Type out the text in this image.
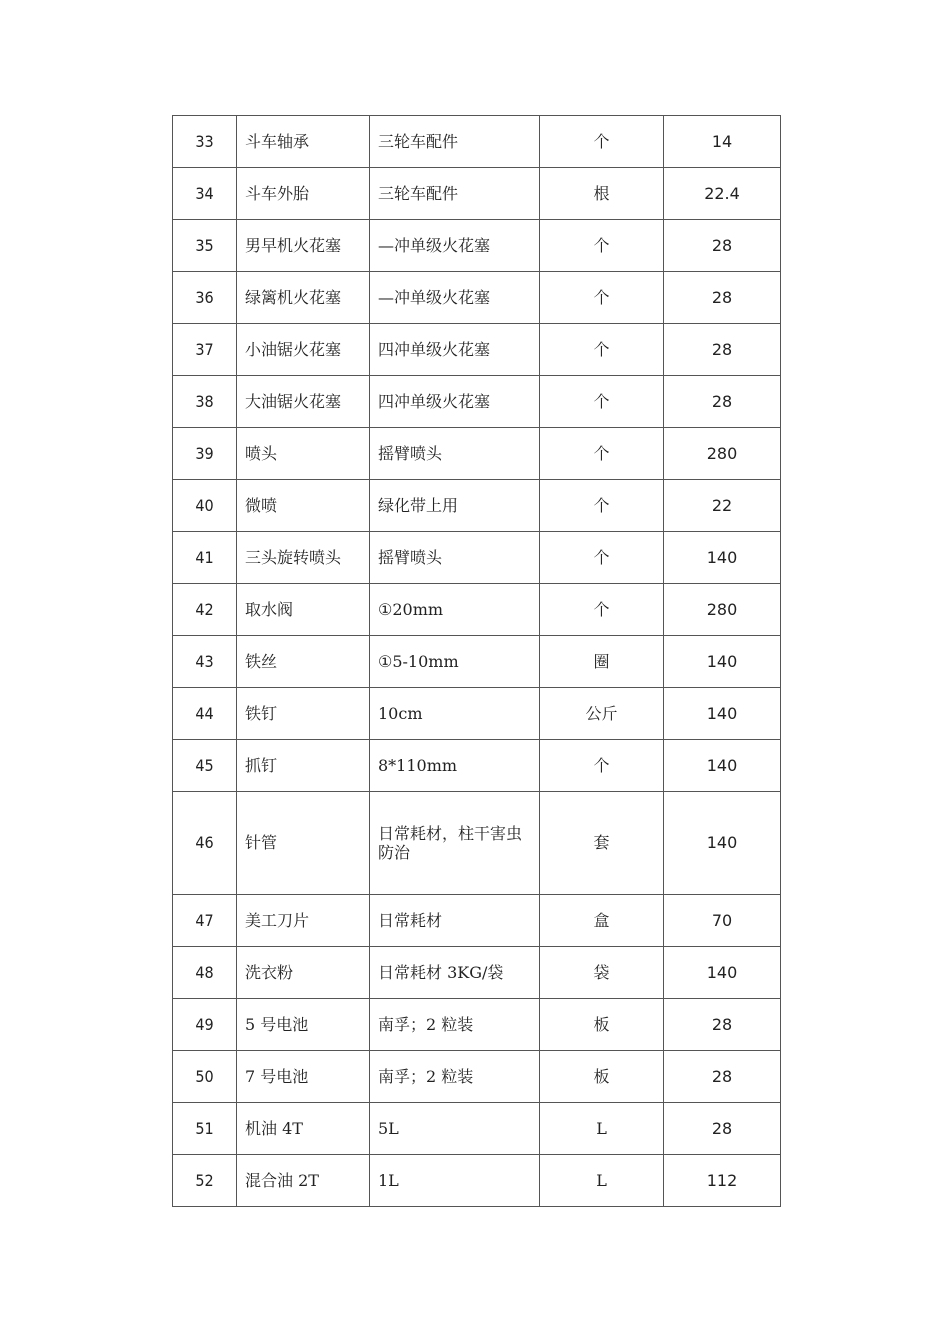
33	斗车轴承	三轮车配件	个	14
34	斗车外胎	三轮车配件	根	22.4
35	男早机火花塞	—冲单级火花塞	个	28
36	绿篱机火花塞	—冲单级火花塞	个	28
37	小油锯火花塞	四冲单级火花塞	个	28
38	大油锯火花塞	四冲单级火花塞	个	28
39	喷头	摇臂喷头	个	280
40	微喷	绿化带上用	个	22
41	三头旋转喷头	摇臂喷头	个	140
42	取水阀	①20mm	个	280
43	铁丝	①5-10mm	圈	140
44	铁钉	10cm	公斤	140
45	抓钉	8*110mm	个	140
46	针管	日常耗材，柱干害虫防治	套	140
47	美工刀片	日常耗材	盒	70
48	洗衣粉	日常耗材 3KG/袋	袋	140
49	5 号电池	南孚；2 粒装	板	28
50	7 号电池	南孚；2 粒装	板	28
51	机油 4T	5L	L	28
52	混合油 2T	1L	L	112
